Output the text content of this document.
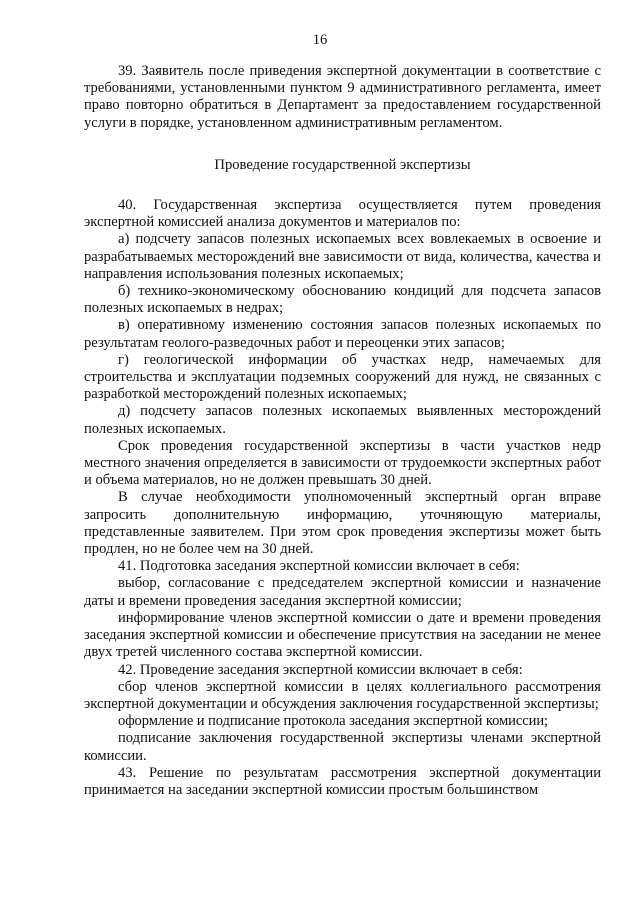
16

39. Заявитель после приведения экспертной документации в соответствие с требованиями, установленными пунктом 9 административного регламента, имеет право повторно обратиться в Департамент за предоставлением государственной услуги в порядке, установленном административным регламентом.

Проведение государственной экспертизы

40. Государственная экспертиза осуществляется путем проведения экспертной комиссией анализа документов и материалов по:

а) подсчету запасов полезных ископаемых всех вовлекаемых в освоение и разрабатываемых месторождений вне зависимости от вида, количества, качества и направления использования полезных ископаемых;

б) технико-экономическому обоснованию кондиций для подсчета запасов полезных ископаемых в недрах;

в) оперативному изменению состояния запасов полезных ископаемых по результатам геолого-разведочных работ и переоценки этих запасов;

г) геологической информации об участках недр, намечаемых для строительства и эксплуатации подземных сооружений для нужд, не связанных с разработкой месторождений полезных ископаемых;

д) подсчету запасов полезных ископаемых выявленных месторождений полезных ископаемых.

Срок проведения государственной экспертизы в части участков недр местного значения определяется в зависимости от трудоемкости экспертных работ и объема материалов, но не должен превышать 30 дней.

В случае необходимости уполномоченный экспертный орган вправе запросить дополнительную информацию, уточняющую материалы, представленные заявителем. При этом срок проведения экспертизы может быть продлен, но не более чем на 30 дней.

41. Подготовка заседания экспертной комиссии включает в себя:

выбор, согласование с председателем экспертной комиссии и назначение даты и времени проведения заседания экспертной комиссии;

информирование членов экспертной комиссии о дате и времени проведения заседания экспертной комиссии и обеспечение присутствия на заседании не менее двух третей численного состава экспертной комиссии.

42. Проведение заседания экспертной комиссии включает в себя:

сбор членов экспертной комиссии в целях коллегиального рассмотрения экспертной документации и обсуждения заключения государственной экспертизы;

оформление и подписание протокола заседания экспертной комиссии;

подписание заключения государственной экспертизы членами экспертной комиссии.

43. Решение по результатам рассмотрения экспертной документации принимается на заседании экспертной комиссии простым большинством
